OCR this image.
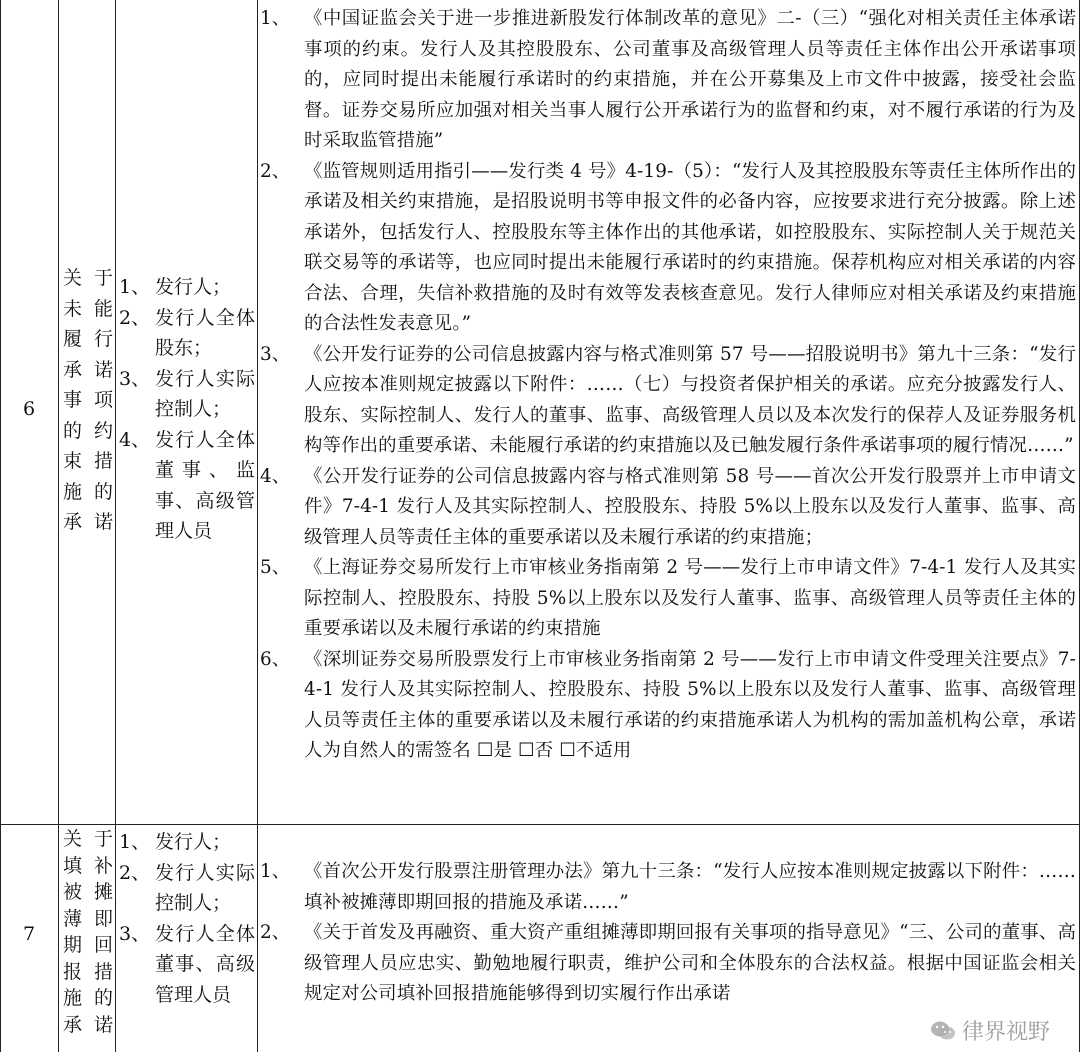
6
关于
未能
履行
承诺
事项
的约
束措
施的
承诺
1、 发行人；
2、 发行人全体股东；
3、 发行人实际控制人；
4、 发行人全体董事、监事、高级管理人员
1、 《中国证监会关于进一步推进新股发行体制改革的意见》二-（三）“强化对相关责任主体承诺事项的约束。发行人及其控股股东、公司董事及高级管理人员等责任主体作出公开承诺事项的，应同时提出未能履行承诺时的约束措施，并在公开募集及上市文件中披露，接受社会监督。证券交易所应加强对相关当事人履行公开承诺行为的监督和约束，对不履行承诺的行为及时采取监管措施”
2、 《监管规则适用指引——发行类 4 号》4-19-（5）：“发行人及其控股股东等责任主体所作出的承诺及相关约束措施，是招股说明书等申报文件的必备内容，应按要求进行充分披露。除上述承诺外，包括发行人、控股股东等主体作出的其他承诺，如控股股东、实际控制人关于规范关联交易等的承诺等，也应同时提出未能履行承诺时的约束措施。保荐机构应对相关承诺的内容合法、合理，失信补救措施的及时有效等发表核查意见。发行人律师应对相关承诺及约束措施的合法性发表意见。”
3、 《公开发行证券的公司信息披露内容与格式准则第 57 号——招股说明书》第九十三条：“发行人应按本准则规定披露以下附件：……（七）与投资者保护相关的承诺。应充分披露发行人、股东、实际控制人、发行人的董事、监事、高级管理人员以及本次发行的保荐人及证券服务机构等作出的重要承诺、未能履行承诺的约束措施以及已触发履行条件承诺事项的履行情况……”
4、 《公开发行证券的公司信息披露内容与格式准则第 58 号——首次公开发行股票并上市申请文件》7-4-1 发行人及其实际控制人、控股股东、持股 5%以上股东以及发行人董事、监事、高级管理人员等责任主体的重要承诺以及未履行承诺的约束措施；
5、 《上海证券交易所发行上市审核业务指南第 2 号——发行上市申请文件》7-4-1 发行人及其实际控制人、控股股东、持股 5%以上股东以及发行人董事、监事、高级管理人员等责任主体的重要承诺以及未履行承诺的约束措施
6、 《深圳证券交易所股票发行上市审核业务指南第 2 号——发行上市申请文件受理关注要点》7-4-1 发行人及其实际控制人、控股股东、持股 5%以上股东以及发行人董事、监事、高级管理人员等责任主体的重要承诺以及未履行承诺的约束措施承诺人为机构的需加盖机构公章，承诺人为自然人的需签名 ☐是 ☐否 ☐不适用
7
关于
填补
被摊
薄即
期回
报措
施的
承诺
1、 发行人；
2、 发行人实际控制人；
3、 发行人全体董事、高级管理人员
1、 《首次公开发行股票注册管理办法》第九十三条：“发行人应按本准则规定披露以下附件：……填补被摊薄即期回报的措施及承诺……”
2、 《关于首发及再融资、重大资产重组摊薄即期回报有关事项的指导意见》“三、公司的董事、高级管理人员应忠实、勤勉地履行职责，维护公司和全体股东的合法权益。根据中国证监会相关规定对公司填补回报措施能够得到切实履行作出承诺
律界视野
